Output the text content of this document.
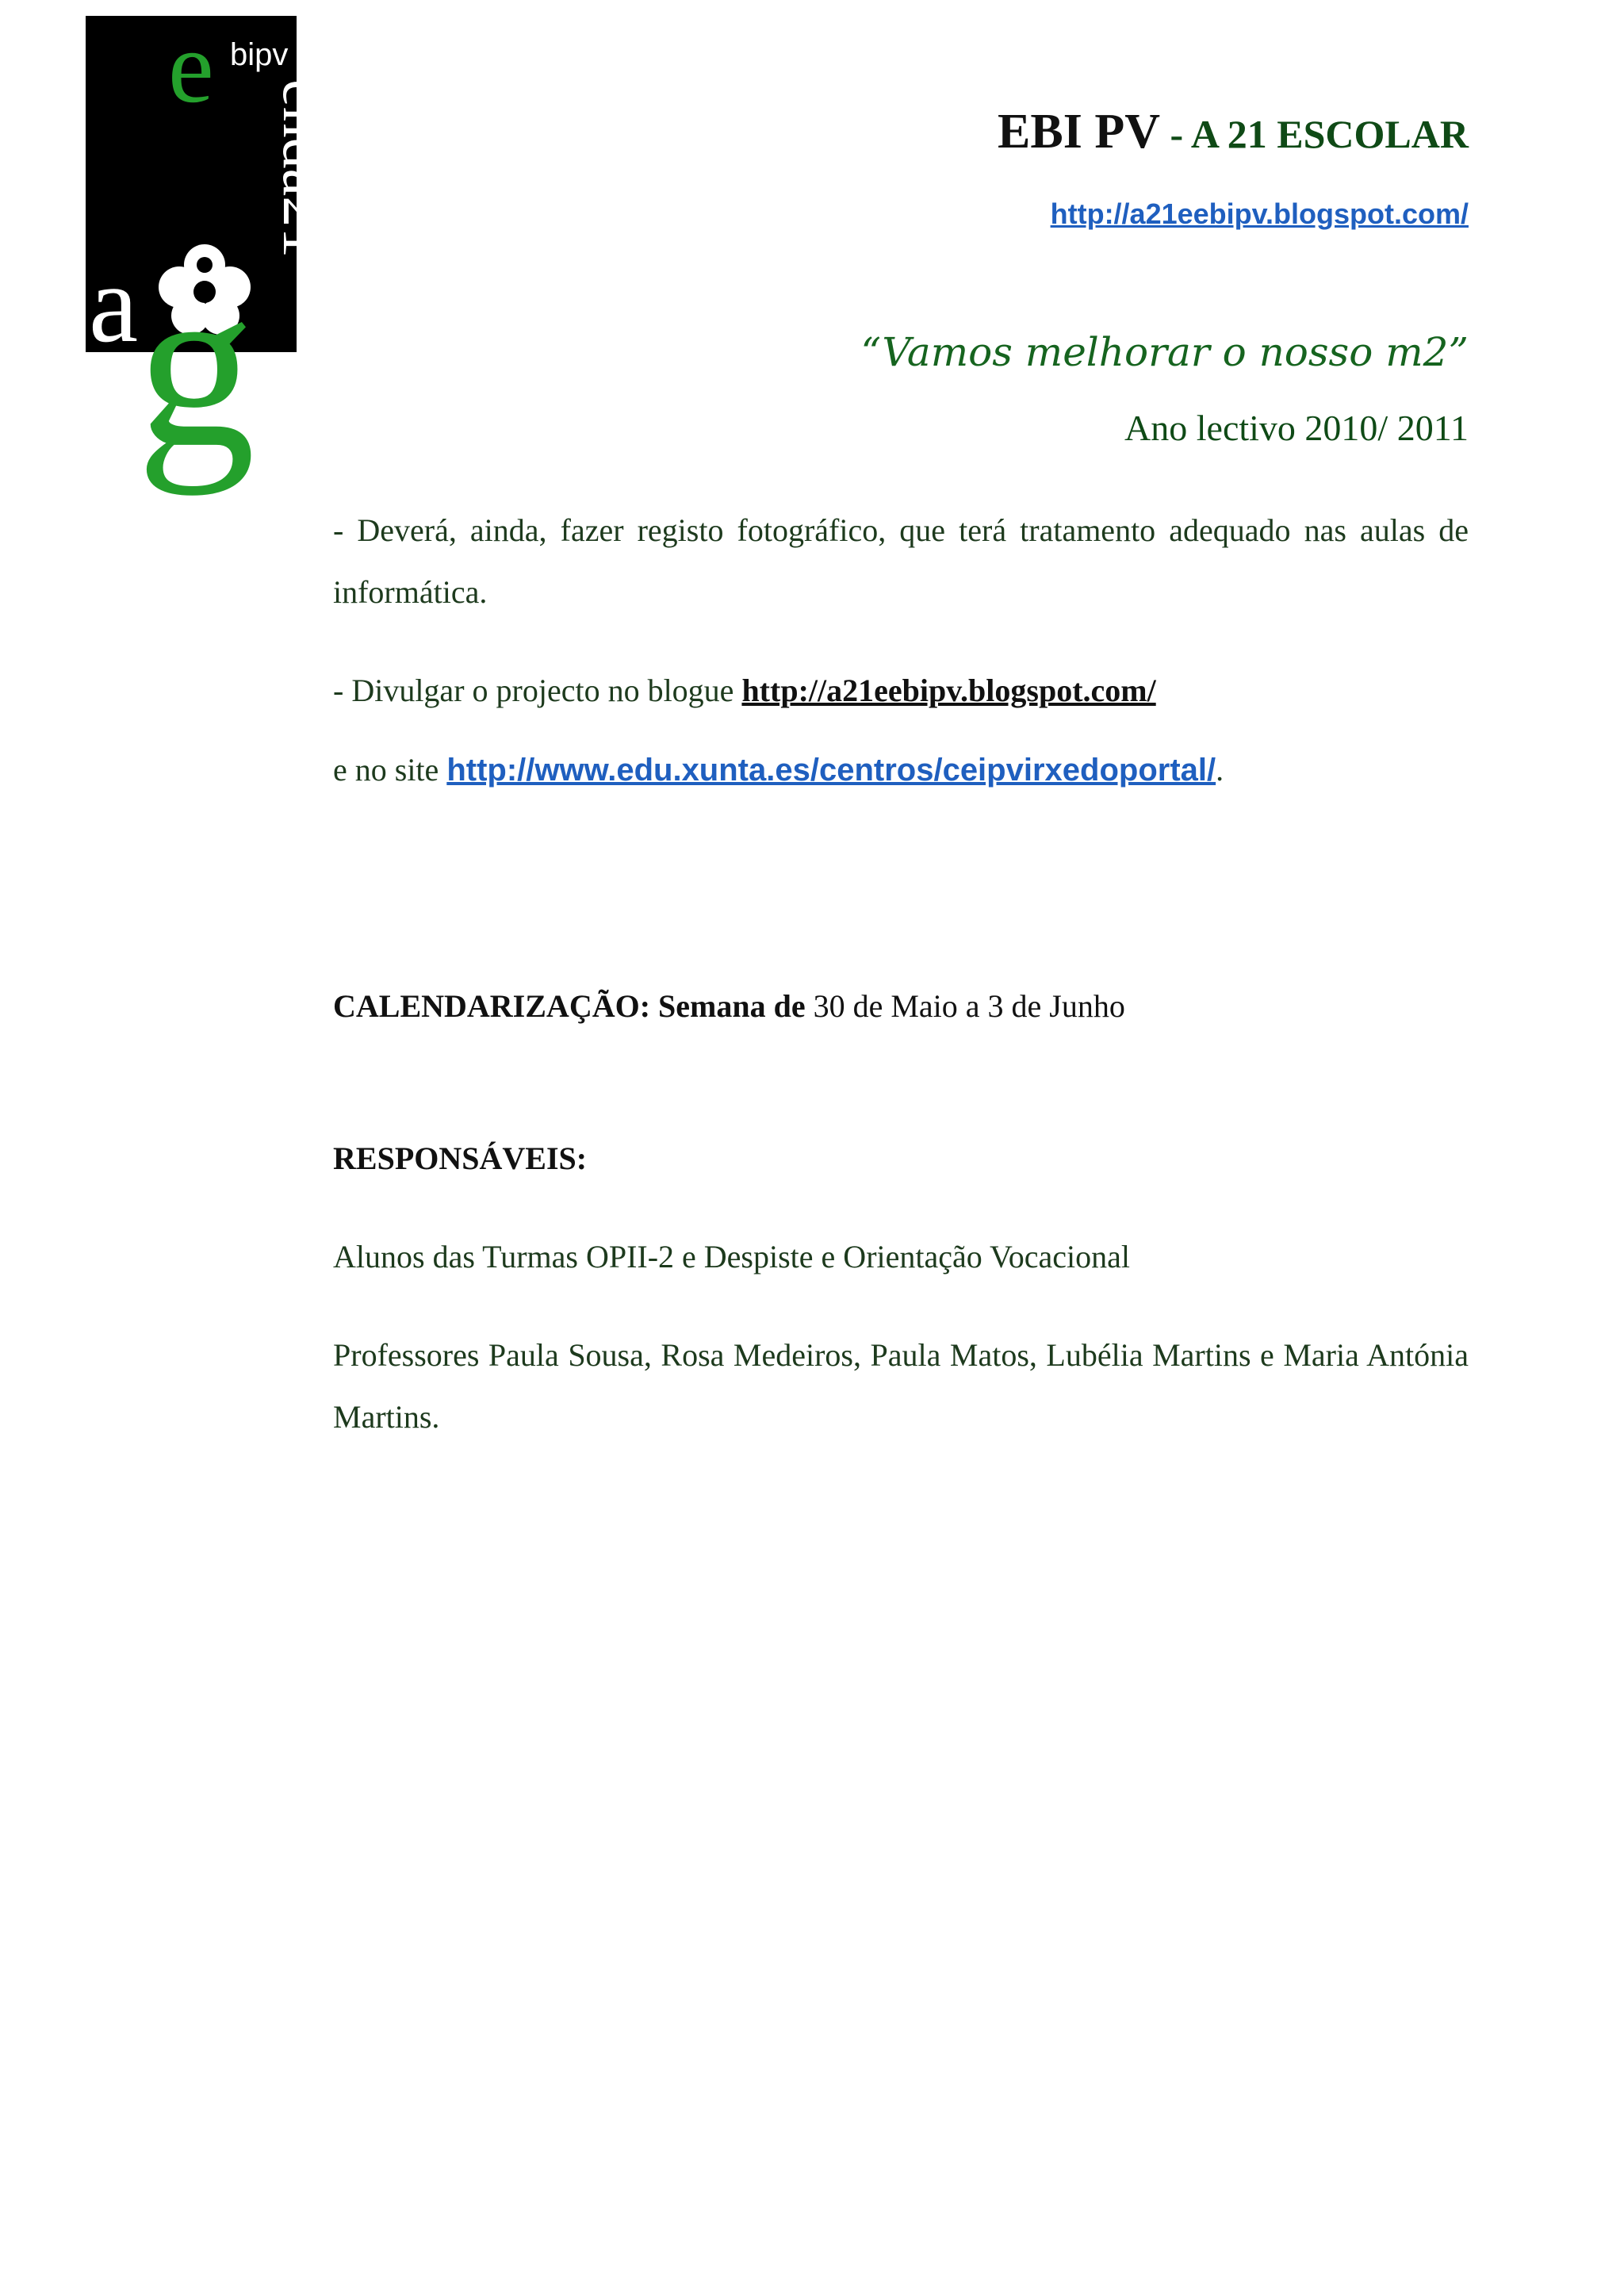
e bipv
enda21
a
g
EBI PV - A 21 ESCOLAR
http://a21eebipv.blogspot.com/
“Vamos melhorar o nosso m2”
Ano lectivo 2010/ 2011
- Deverá, ainda, fazer registo fotográfico, que terá tratamento adequado nas aulas de informática.
- Divulgar o projecto no blogue http://a21eebipv.blogspot.com/
e no site http://www.edu.xunta.es/centros/ceipvirxedoportal/.
CALENDARIZAÇÃO: Semana de 30 de Maio a 3 de Junho
RESPONSÁVEIS:
Alunos das Turmas OPII-2 e Despiste e Orientação Vocacional
Professores Paula Sousa, Rosa Medeiros, Paula Matos, Lubélia Martins e Maria Antónia Martins.
